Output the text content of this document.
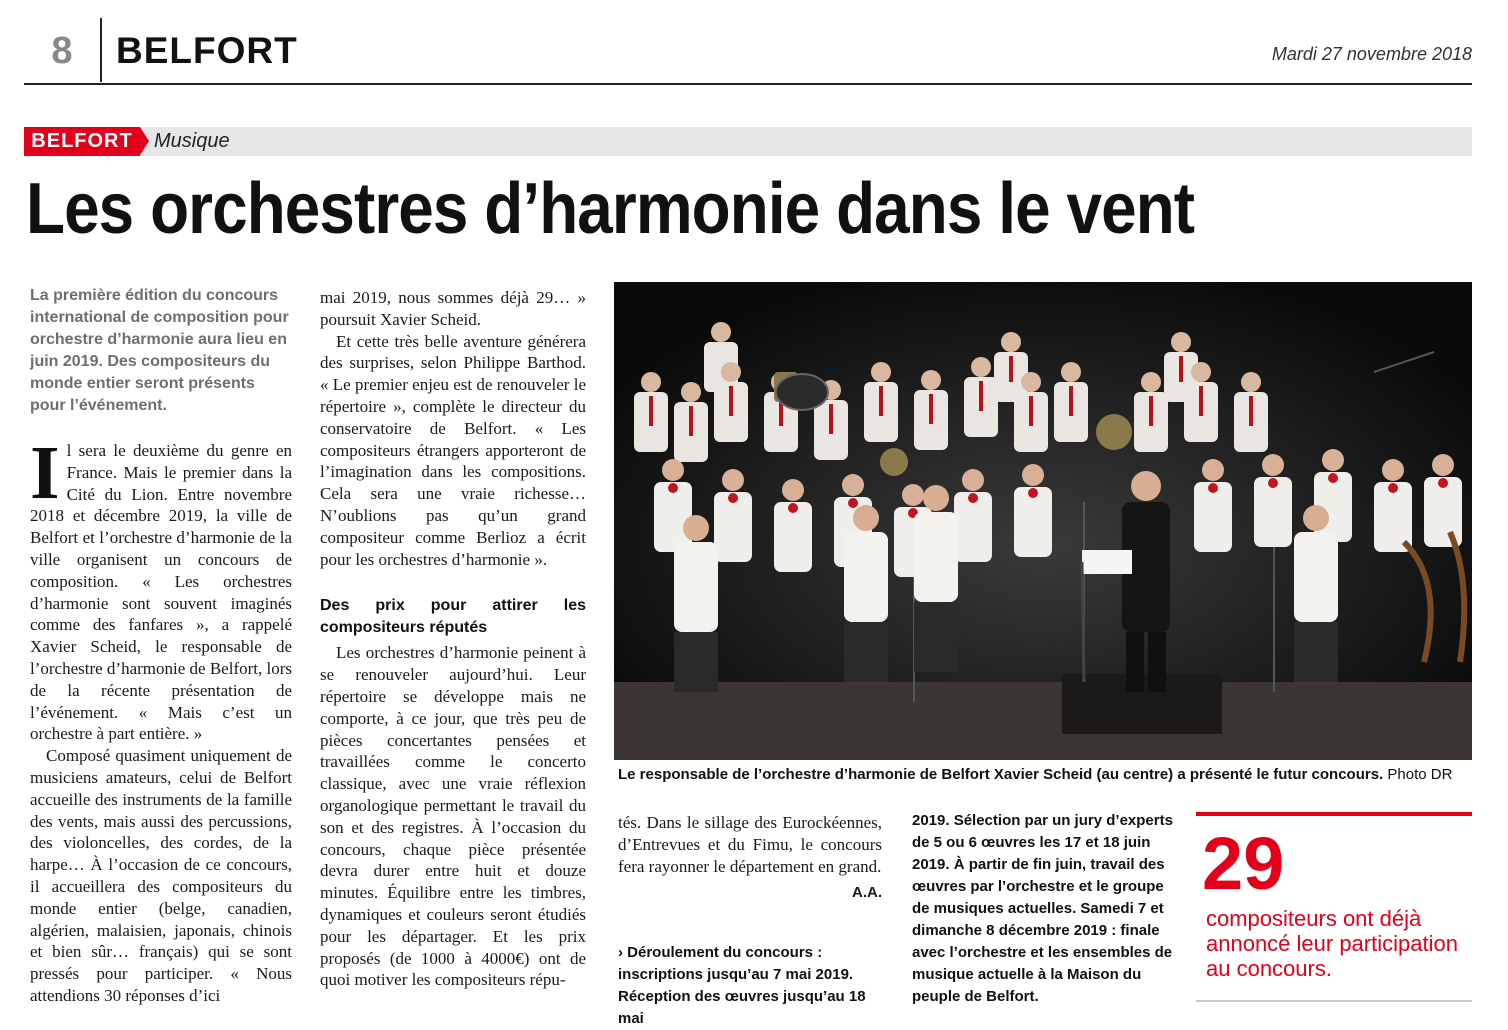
8	BELFORT	Mardi 27 novembre 2018
BELFORT	Musique
Les orchestres d’harmonie dans le vent
La première édition du concours international de composition pour orchestre d’harmonie aura lieu en juin 2019. Des compositeurs du monde entier seront présents pour l’événement.

Il sera le deuxième du genre en France. Mais le premier dans la Cité du Lion. Entre novembre 2018 et décembre 2019, la ville de Belfort et l’orchestre d’harmonie de la ville organisent un concours de composition. « Les orchestres d’harmonie sont souvent imaginés comme des fanfares », a rappelé Xavier Scheid, le responsable de l’orchestre d’harmonie de Belfort, lors de la récente présentation de l’événement. « Mais c’est un orchestre à part entière. »

Composé quasiment uniquement de musiciens amateurs, celui de Belfort accueille des instruments de la famille des vents, mais aussi des percussions, des violoncelles, des cordes, de la harpe… À l’occasion de ce concours, il accueillera des compositeurs du monde entier (belge, canadien, algérien, malaisien, japonais, chinois et bien sûr… français) qui se sont pressés pour participer. « Nous attendions 30 réponses d’ici

mai 2019, nous sommes déjà 29… » poursuit Xavier Scheid.

Et cette très belle aventure générera des surprises, selon Philippe Barthod. « Le premier enjeu est de renouveler le répertoire », complète le directeur du conservatoire de Belfort. « Les compositeurs étrangers apporteront de l’imagination dans les compositions. Cela sera une vraie richesse… N’oublions pas qu’un grand compositeur comme Berlioz a écrit pour les orchestres d’harmonie ».

Des prix pour attirer les compositeurs réputés

Les orchestres d’harmonie peinent à se renouveler aujourd’hui. Leur répertoire se développe mais ne comporte, à ce jour, que très peu de pièces concertantes pensées et travaillées comme le concerto classique, avec une vraie réflexion organologique permettant le travail du son et des registres. À l’occasion du concours, chaque pièce présentée devra durer entre huit et douze minutes. Équilibre entre les timbres, dynamiques et couleurs seront étudiés pour les départager. Et les prix proposés (de 1000 à 4000€) ont de quoi motiver les compositeurs répu-

Le responsable de l’orchestre d’harmonie de Belfort Xavier Scheid (au centre) a présenté le futur concours. Photo DR

tés. Dans le sillage des Eurockéennes, d’Entrevues et du Fimu, le concours fera rayonner le département en grand.

A.A.
› Déroulement du concours : inscriptions jusqu’au 7 mai 2019. Réception des œuvres jusqu’au 18 mai
2019. Sélection par un jury d’experts de 5 ou 6 œuvres les 17 et 18 juin 2019. À partir de fin juin, travail des œuvres par l’orchestre et le groupe de musiques actuelles. Samedi 7 et dimanche 8 décembre 2019 : finale avec l’orchestre et les ensembles de musique actuelle à la Maison du peuple de Belfort.
29
compositeurs ont déjà annoncé leur participation au concours.
